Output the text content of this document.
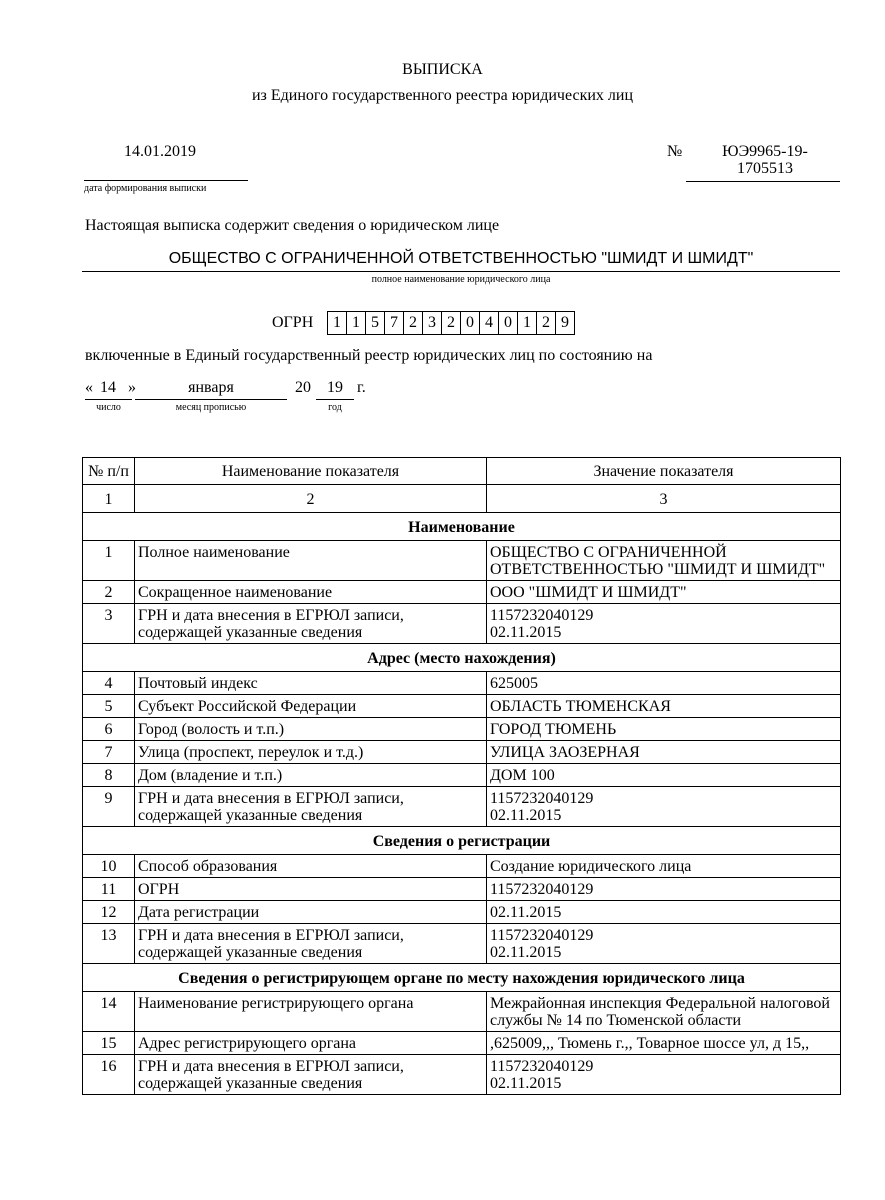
ВЫПИСКА
из Единого государственного реестра юридических лиц
14.01.2019
дата формирования выписки
№	ЮЭ9965-19-
1705513
Настоящая выписка содержит сведения о юридическом лице
ОБЩЕСТВО С ОГРАНИЧЕННОЙ ОТВЕТСТВЕННОСТЬЮ "ШМИДТ И ШМИДТ"
полное наименование юридического лица
ОГРН	1 1 5 7 2 3 2 0 4 0 1 2 9
включенные в Единый государственный реестр юридических лиц по состоянию на
« 14 »	января	20	19 г.
число	месяц прописью	год
№ п/п	Наименование показателя	Значение показателя
1	2	3
Наименование		
1	Полное наименование	ОБЩЕСТВО С ОГРАНИЧЕННОЙ ОТВЕТСТВЕННОСТЬЮ "ШМИДТ И ШМИДТ"
2	Сокращенное наименование	ООО "ШМИДТ И ШМИДТ"
3	ГРН и дата внесения в ЕГРЮЛ записи, содержащей указанные сведения	1157232040129
02.11.2015
Адрес (место нахождения)		
4	Почтовый индекс	625005
5	Субъект Российской Федерации	ОБЛАСТЬ ТЮМЕНСКАЯ
6	Город (волость и т.п.)	ГОРОД ТЮМЕНЬ
7	Улица (проспект, переулок и т.д.)	УЛИЦА ЗАОЗЕРНАЯ
8	Дом (владение и т.п.)	ДОМ 100
9	ГРН и дата внесения в ЕГРЮЛ записи, содержащей указанные сведения	1157232040129
02.11.2015
Сведения о регистрации		
10	Способ образования	Создание юридического лица
11	ОГРН	1157232040129
12	Дата регистрации	02.11.2015
13	ГРН и дата внесения в ЕГРЮЛ записи, содержащей указанные сведения	1157232040129
02.11.2015
Сведения о регистрирующем органе по месту нахождения юридического лица		
14	Наименование регистрирующего органа	Межрайонная инспекция Федеральной налоговой службы № 14 по Тюменской области
15	Адрес регистрирующего органа	,625009,,, Тюмень г.,, Товарное шоссе ул, д 15,,
16	ГРН и дата внесения в ЕГРЮЛ записи, содержащей указанные сведения	1157232040129
02.11.2015
